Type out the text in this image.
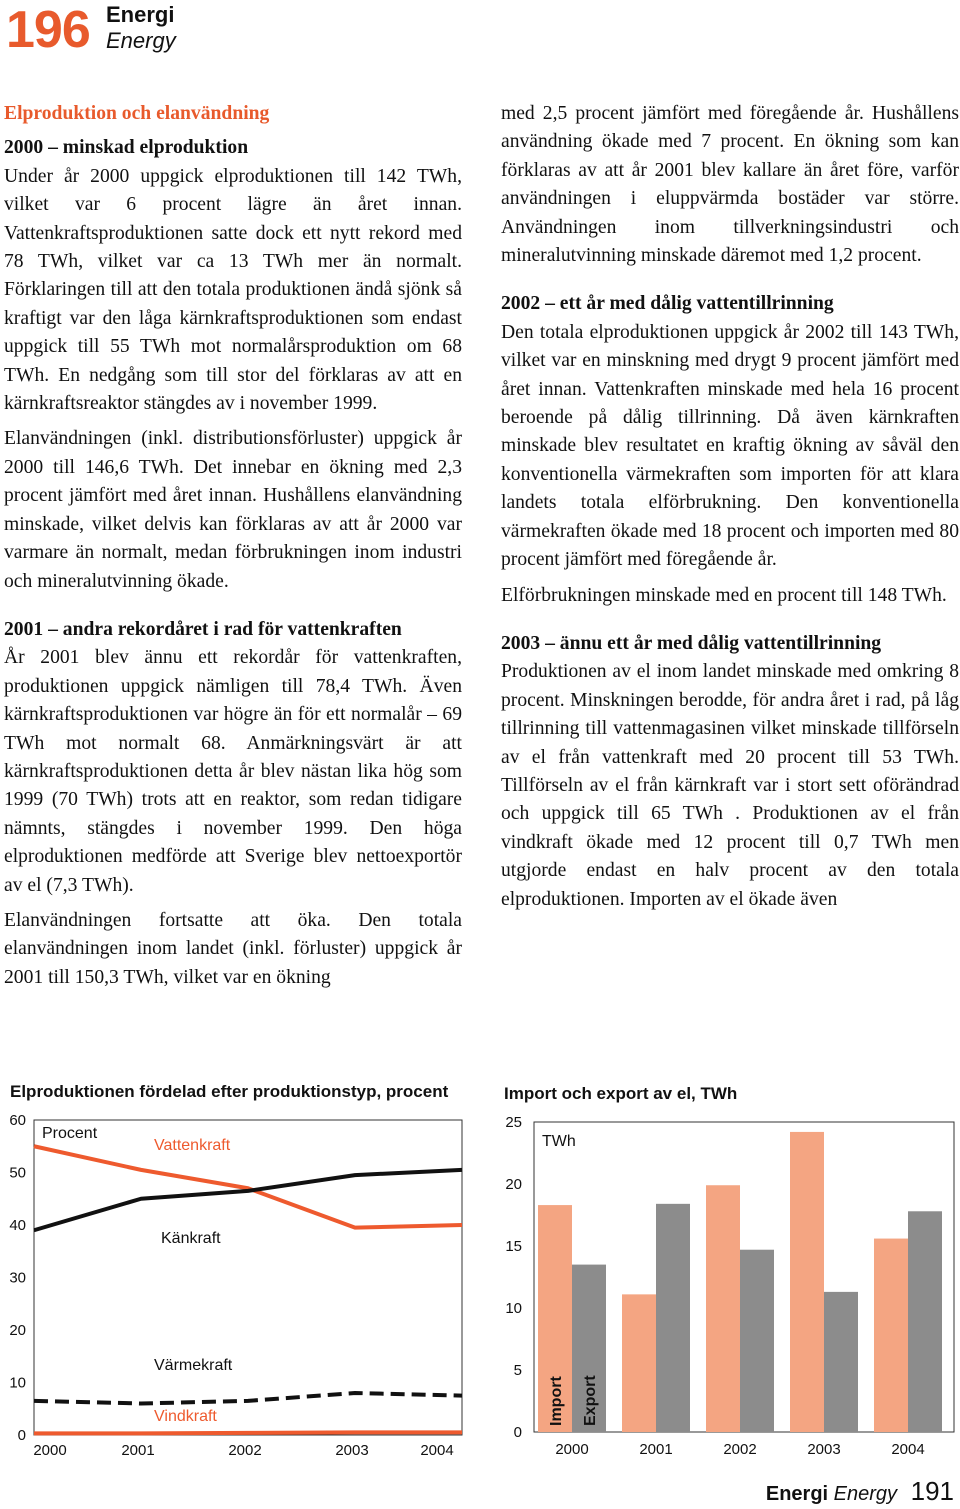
196 Energi
Energy
Elproduktion och elanvändning
2000 – minskad elproduktion

Under år 2000 uppgick elproduktionen till 142 TWh, vilket var 6 procent lägre än året innan. Vattenkraftsproduktionen satte dock ett nytt rekord med 78 TWh, vilket var ca 13 TWh mer än normalt. Förklaringen till att den totala produktionen ändå sjönk så kraftigt var den låga kärnkraftsproduktionen som endast uppgick till 55 TWh mot normalårsproduktion om 68 TWh. En nedgång som till stor del förklaras av att en kärnkraftsreaktor stängdes av i november 1999.

Elanvändningen (inkl. distributionsförluster) uppgick år 2000 till 146,6 TWh. Det innebar en ökning med 2,3 procent jämfört med året innan. Hushållens elanvändning minskade, vilket delvis kan förklaras av att år 2000 var varmare än normalt, medan förbrukningen inom industri och mineralutvinning ökade.

2001 – andra rekordåret i rad för vattenkraften

År 2001 blev ännu ett rekordår för vattenkraften, produktionen uppgick nämligen till 78,4 TWh. Även kärnkraftsproduktionen var högre än för ett normalår – 69 TWh mot normalt 68. Anmärkningsvärt är att kärnkraftsproduktionen detta år blev nästan lika hög som 1999 (70 TWh) trots att en reaktor, som redan tidigare nämnts, stängdes i november 1999. Den höga elproduktionen medförde att Sverige blev nettoexportör av el (7,3 TWh).

Elanvändningen fortsatte att öka. Den totala elanvändningen inom landet (inkl. förluster) uppgick år 2001 till 150,3 TWh, vilket var en ökning

med 2,5 procent jämfört med föregående år. Hushållens användning ökade med 7 procent. En ökning som kan förklaras av att år 2001 blev kallare än året före, varför användningen i eluppvärmda bostäder var större. Användningen inom tillverkningsindustri och mineralutvinning minskade däremot med 1,2 procent.

2002 – ett år med dålig vattentillrinning

Den totala elproduktionen uppgick år 2002 till 143 TWh, vilket var en minskning med drygt 9 procent jämfört med året innan. Vattenkraften minskade med hela 16 procent beroende på dålig tillrinning. Då även kärnkraften minskade blev resultatet en kraftig ökning av såväl den konventionella värmekraften som importen för att klara landets totala elförbrukning. Den konventionella värmekraften ökade med 18 procent och importen med 80 procent jämfört med föregående år.

Elförbrukningen minskade med en procent till 148 TWh.

2003 – ännu ett år med dålig vattentillrinning

Produktionen av el inom landet minskade med omkring 8 procent. Minskningen berodde, för andra året i rad, på låg tillrinning till vattenmagasinen vilket minskade tillförseln av el från vattenkraft med 20 procent till 53 TWh. Tillförseln av el från kärnkraft var i stort sett oförändrad och uppgick till 65 TWh . Produktionen av el från vindkraft ökade med 12 procent till 0,7 TWh men utgjorde endast en halv procent av den totala elproduktionen. Importen av el ökade även

Elproduktionen fördelad efter produktionstyp, procent
0
10
20
30
40
50
60
2000	2001	2002	2003	2004
Procent
Vattenkraft
Känkraft
Värmekraft
Vindkraft
Import och export av el, TWh
0
5
10
15
20
25
TWh
2000	2001	2002	2003	2004
Import Export
Energi Energy 191
